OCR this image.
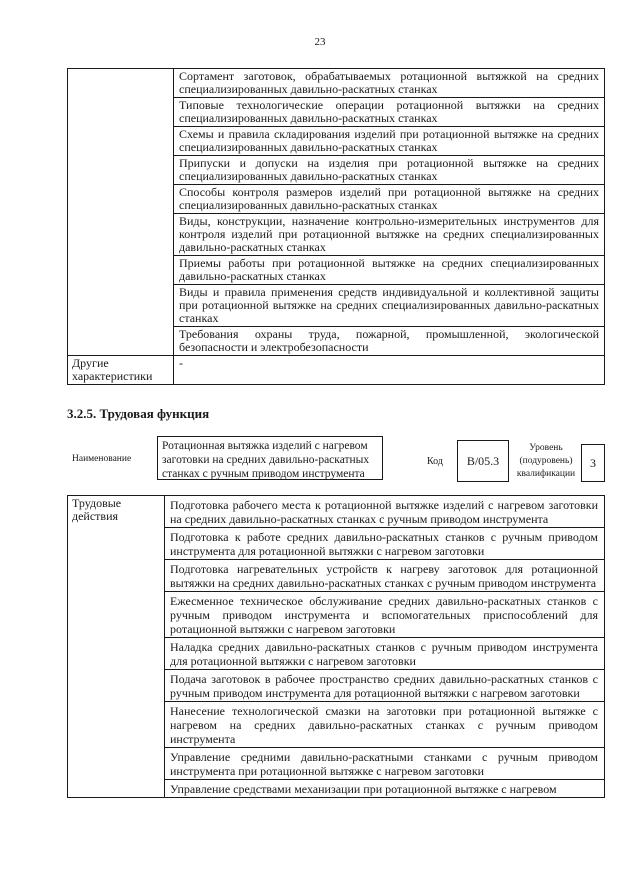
23
	Сортамент заготовок, обрабатываемых ротационной вытяжкой на средних специализированных давильно-раскатных станках
	Типовые технологические операции ротационной вытяжки на средних специализированных давильно-раскатных станках
	Схемы и правила складирования изделий при ротационной вытяжке на средних специализированных давильно-раскатных станках
	Припуски и допуски на изделия при ротационной вытяжке на средних специализированных давильно-раскатных станках
	Способы контроля размеров изделий при ротационной вытяжке на средних специализированных давильно-раскатных станках
	Виды, конструкции, назначение контрольно-измерительных инструментов для контроля изделий при ротационной вытяжке на средних специализированных давильно-раскатных станках
	Приемы работы при ротационной вытяжке на средних специализированных давильно-раскатных станках
	Виды и правила применения средств индивидуальной и коллективной защиты при ротационной вытяжке на средних специализированных давильно-раскатных станках
	Требования охраны труда, пожарной, промышленной, экологической безопасности и электробезопасности
Другие характеристики	-
3.2.5. Трудовая функция
Наименование
Ротационная вытяжка изделий с нагревом заготовки на средних давильно-раскатных станках с ручным приводом инструмента
Код	B/05.3
Уровень (подуровень) квалификации
3
Трудовые действия	Подготовка рабочего места к ротационной вытяжке изделий с нагревом заготовки на средних давильно-раскатных станках с ручным приводом инструмента
Подготовка к работе средних давильно-раскатных станков с ручным приводом инструмента для ротационной вытяжки с нагревом заготовки
Подготовка нагревательных устройств к нагреву заготовок для ротационной вытяжки на средних давильно-раскатных станках с ручным приводом инструмента
Ежесменное техническое обслуживание средних давильно-раскатных станков с ручным приводом инструмента и вспомогательных приспособлений для ротационной вытяжки с нагревом заготовки
Наладка средних давильно-раскатных станков с ручным приводом инструмента для ротационной вытяжки с нагревом заготовки
Подача заготовок в рабочее пространство средних давильно-раскатных станков с ручным приводом инструмента для ротационной вытяжки с нагревом заготовки
Нанесение технологической смазки на заготовки при ротационной вытяжке с нагревом на средних давильно-раскатных станках с ручным приводом инструмента
Управление средними давильно-раскатными станками с ручным приводом инструмента при ротационной вытяжке с нагревом заготовки
Управление средствами механизации при ротационной вытяжке с нагревом
